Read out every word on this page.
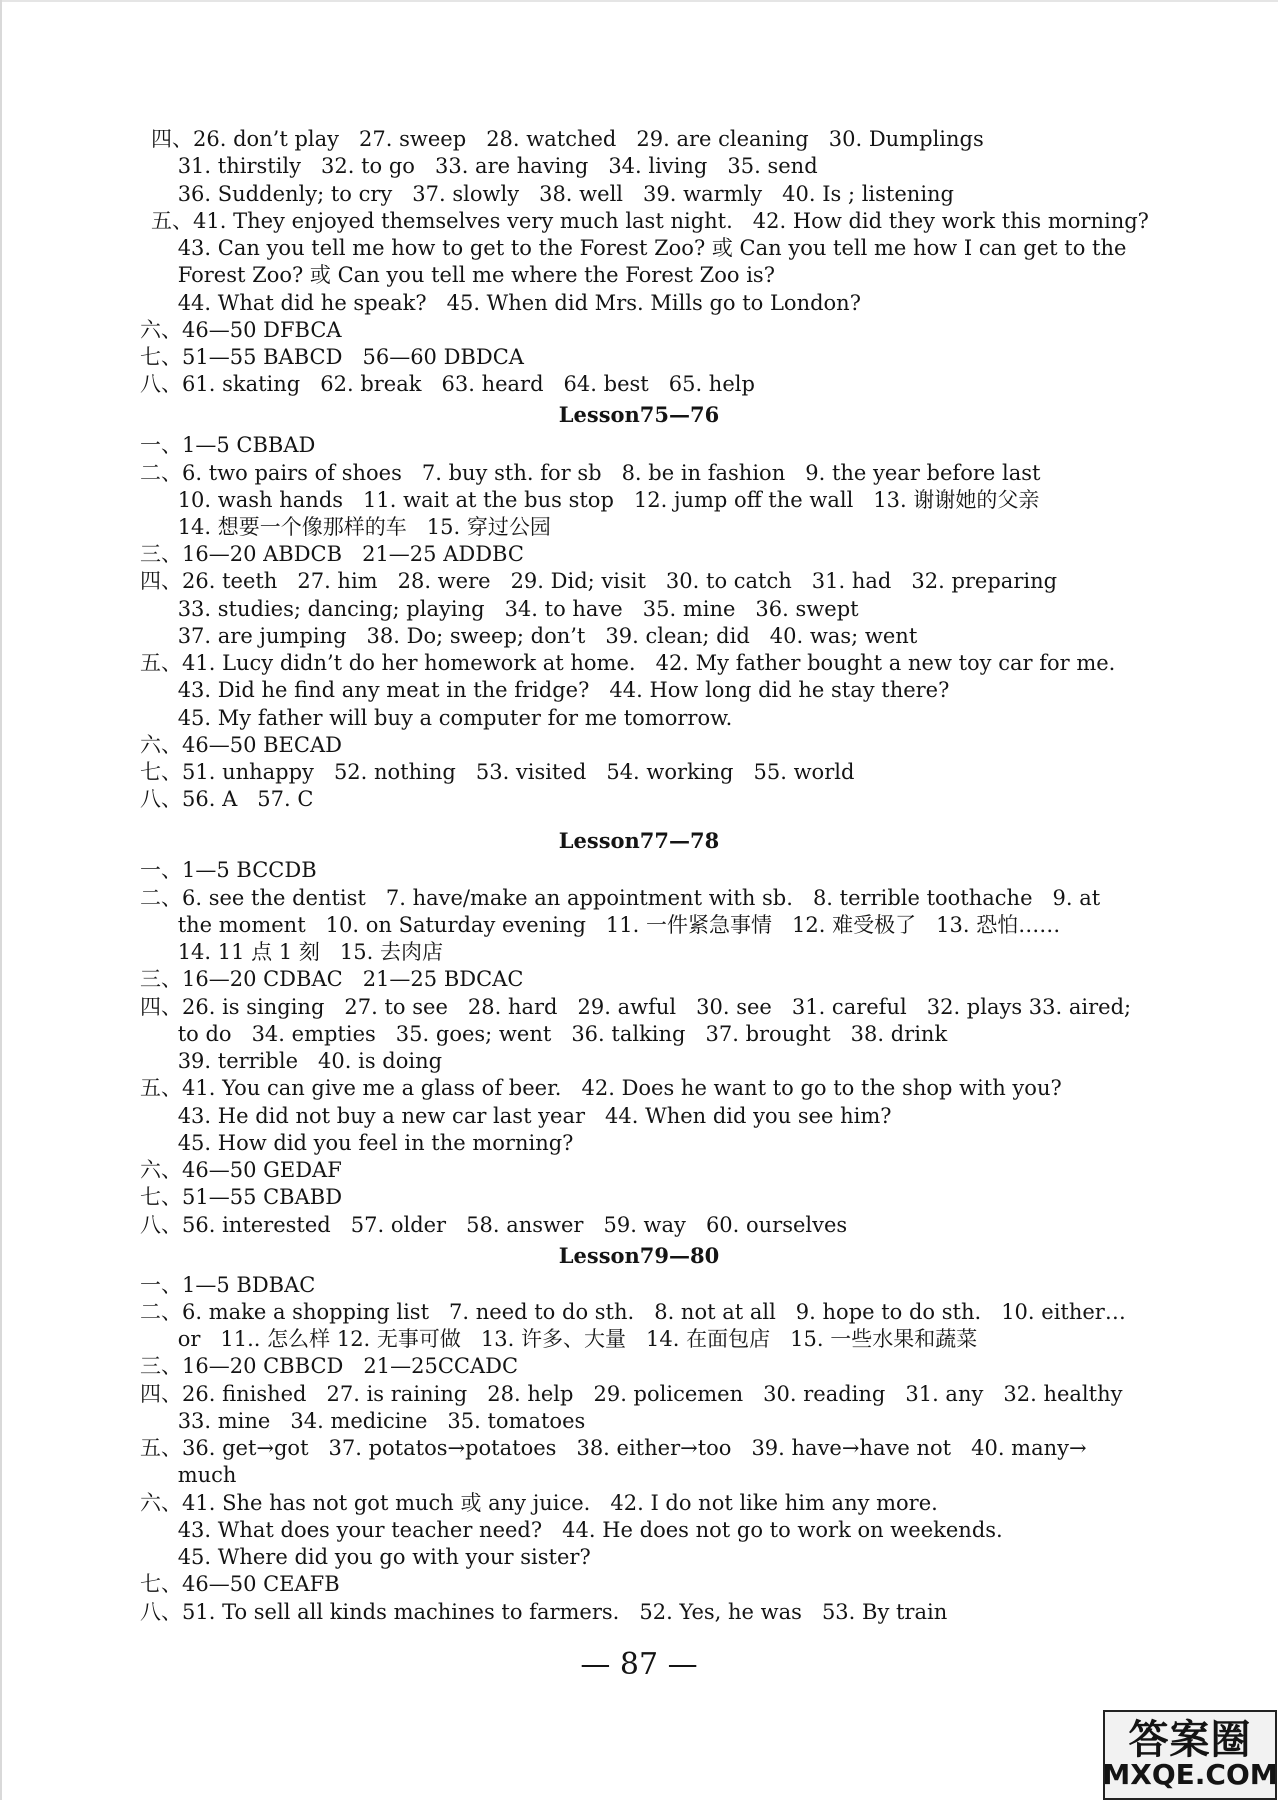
四、26. don’t play   27. sweep   28. watched   29. are cleaning   30. Dumplings
31. thirstily   32. to go   33. are having   34. living   35. send
36. Suddenly; to cry   37. slowly   38. well   39. warmly   40. Is ; listening
五、41. They enjoyed themselves very much last night.   42. How did they work this morning?
43. Can you tell me how to get to the Forest Zoo? 或 Can you tell me how I can get to the
Forest Zoo? 或 Can you tell me where the Forest Zoo is?
44. What did he speak?   45. When did Mrs. Mills go to London?
六、46—50 DFBCA
七、51—55 BABCD   56—60 DBDCA
八、61. skating   62. break   63. heard   64. best   65. help
Lesson75—76
一、1—5 CBBAD
二、6. two pairs of shoes   7. buy sth. for sb   8. be in fashion   9. the year before last
10. wash hands   11. wait at the bus stop   12. jump off the wall   13. 谢谢她的父亲
14. 想要一个像那样的车   15. 穿过公园
三、16—20 ABDCB   21—25 ADDBC
四、26. teeth   27. him   28. were   29. Did; visit   30. to catch   31. had   32. preparing
33. studies; dancing; playing   34. to have   35. mine   36. swept
37. are jumping   38. Do; sweep; don’t   39. clean; did   40. was; went
五、41. Lucy didn’t do her homework at home.   42. My father bought a new toy car for me.
43. Did he find any meat in the fridge?   44. How long did he stay there?
45. My father will buy a computer for me tomorrow.
六、46—50 BECAD
七、51. unhappy   52. nothing   53. visited   54. working   55. world
八、56. A   57. C
Lesson77—78
一、1—5 BCCDB
二、6. see the dentist   7. have/make an appointment with sb.   8. terrible toothache   9. at
the moment   10. on Saturday evening   11. 一件紧急事情   12. 难受极了   13. 恐怕……
14. 11 点 1 刻   15. 去肉店
三、16—20 CDBAC   21—25 BDCAC
四、26. is singing   27. to see   28. hard   29. awful   30. see   31. careful   32. plays 33. aired;
to do   34. empties   35. goes; went   36. talking   37. brought   38. drink
39. terrible   40. is doing
五、41. You can give me a glass of beer.   42. Does he want to go to the shop with you?
43. He did not buy a new car last year   44. When did you see him?
45. How did you feel in the morning?
六、46—50 GEDAF
七、51—55 CBABD
八、56. interested   57. older   58. answer   59. way   60. ourselves
Lesson79—80
一、1—5 BDBAC
二、6. make a shopping list   7. need to do sth.   8. not at all   9. hope to do sth.   10. either…
or   11.. 怎么样 12. 无事可做   13. 许多、大量   14. 在面包店   15. 一些水果和蔬菜
三、16—20 CBBCD   21—25CCADC
四、26. finished   27. is raining   28. help   29. policemen   30. reading   31. any   32. healthy
33. mine   34. medicine   35. tomatoes
五、36. get→got   37. potatos→potatoes   38. either→too   39. have→have not   40. many→
much
六、41. She has not got much 或 any juice.   42. I do not like him any more.
43. What does your teacher need?   44. He does not go to work on weekends.
45. Where did you go with your sister?
七、46—50 CEAFB
八、51. To sell all kinds machines to farmers.   52. Yes, he was   53. By train
— 87 —
答案圈
MXQE.COM
